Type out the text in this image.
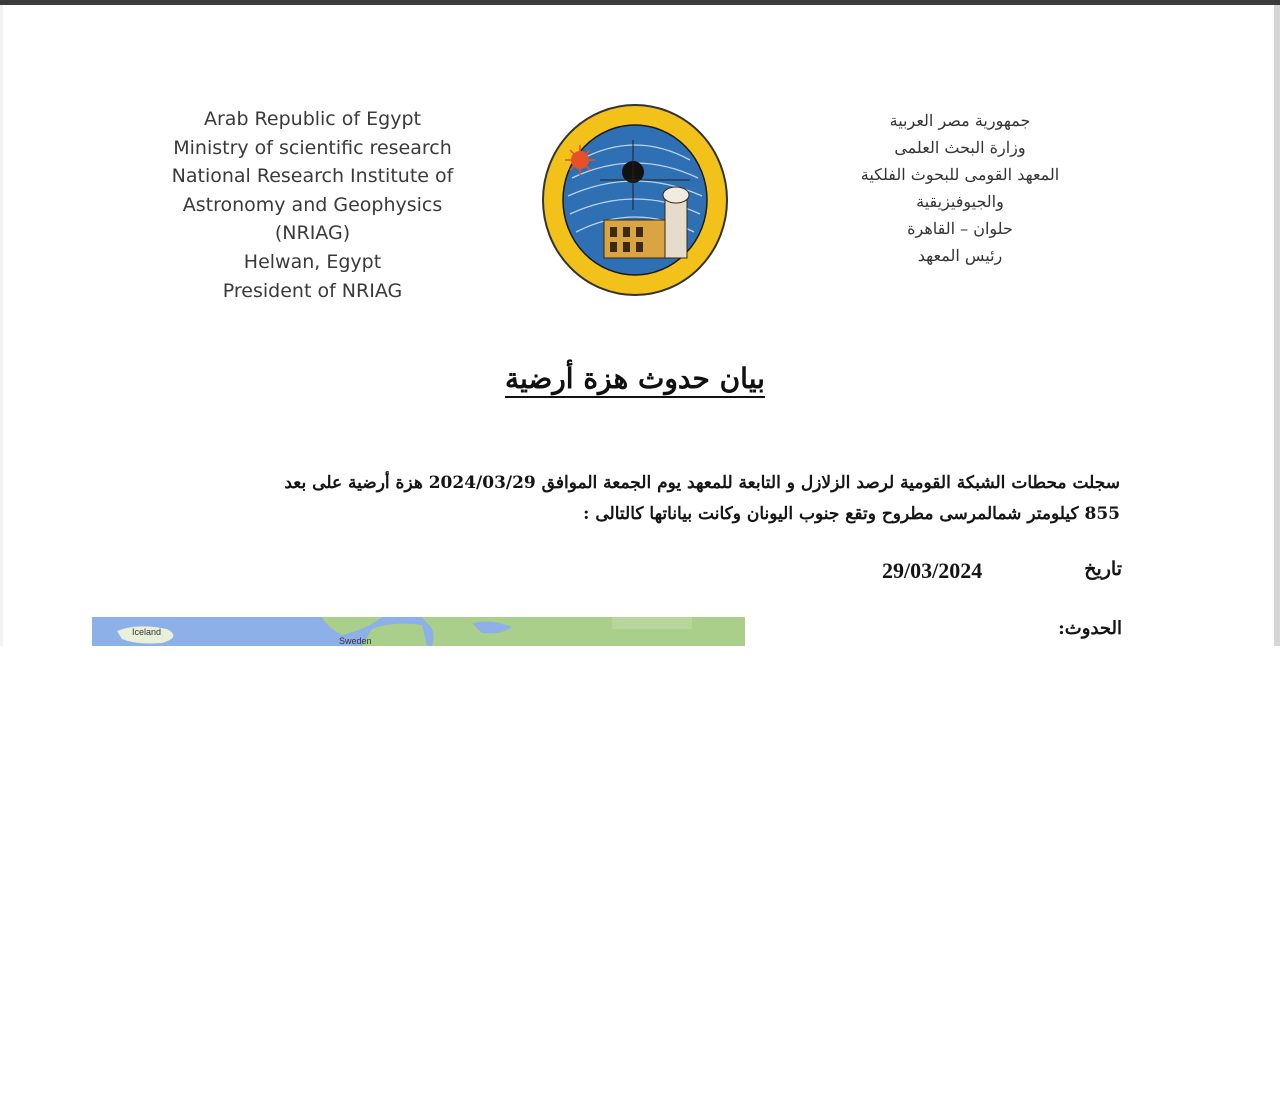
Arab Republic of Egypt
Ministry of scientific research
National Research Institute of
Astronomy and Geophysics
(NRIAG)
Helwan, Egypt
President of NRIAG
جمهورية مصر العربية
وزارة البحث العلمى
المعهد القومى للبحوث الفلكية
والجيوفيزيقية
حلوان – القاهرة
رئيس المعهد
بيان حدوث هزة أرضية
سجلت محطات الشبكة القومية لرصد الزلازل و التابعة للمعهد يوم الجمعة الموافق 2024/03/29 هزة أرضية على بعد
855 كيلومتر شمالمرسى مطروح وتقع جنوب اليونان وكانت بياناتها كالتالى :
تاريخ
29/03/2024
الحدوث:
Iceland
Sweden
